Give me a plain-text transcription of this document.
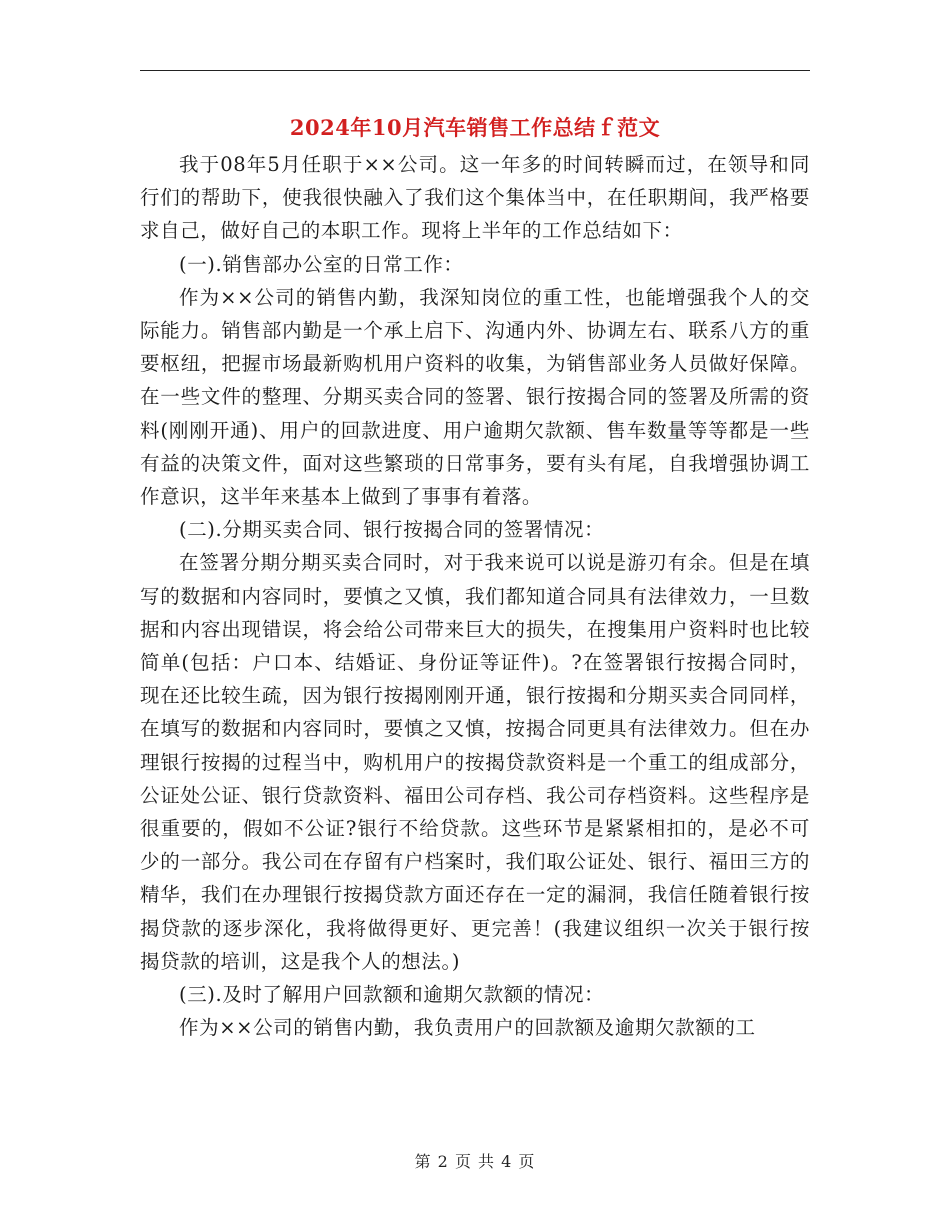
2024年10月汽车销售工作总结ｆ范文

我于08年5月任职于××公司。这一年多的时间转瞬而过，在领导和同行们的帮助下，使我很快融入了我们这个集体当中，在任职期间，我严格要求自己，做好自己的本职工作。现将上半年的工作总结如下：

(一).销售部办公室的日常工作：

作为××公司的销售内勤，我深知岗位的重工性，也能增强我个人的交际能力。销售部内勤是一个承上启下、沟通内外、协调左右、联系八方的重要枢纽，把握市场最新购机用户资料的收集，为销售部业务人员做好保障。在一些文件的整理、分期买卖合同的签署、银行按揭合同的签署及所需的资料(刚刚开通)、用户的回款进度、用户逾期欠款额、售车数量等等都是一些有益的决策文件，面对这些繁琐的日常事务，要有头有尾，自我增强协调工作意识，这半年来基本上做到了事事有着落。

(二).分期买卖合同、银行按揭合同的签署情况：

在签署分期分期买卖合同时，对于我来说可以说是游刃有余。但是在填写的数据和内容同时，要慎之又慎，我们都知道合同具有法律效力，一旦数据和内容出现错误，将会给公司带来巨大的损失，在搜集用户资料时也比较简单(包括：户口本、结婚证、身份证等证件)。?在签署银行按揭合同时，现在还比较生疏，因为银行按揭刚刚开通，银行按揭和分期买卖合同同样，在填写的数据和内容同时，要慎之又慎，按揭合同更具有法律效力。但在办理银行按揭的过程当中，购机用户的按揭贷款资料是一个重工的组成部分，公证处公证、银行贷款资料、福田公司存档、我公司存档资料。这些程序是很重要的，假如不公证?银行不给贷款。这些环节是紧紧相扣的，是必不可少的一部分。我公司在存留有户档案时，我们取公证处、银行、福田三方的精华，我们在办理银行按揭贷款方面还存在一定的漏洞，我信任随着银行按揭贷款的逐步深化，我将做得更好、更完善！(我建议组织一次关于银行按揭贷款的培训，这是我个人的想法。)

(三).及时了解用户回款额和逾期欠款额的情况：

作为××公司的销售内勤，我负责用户的回款额及逾期欠款额的工

第 2 页 共 4 页
